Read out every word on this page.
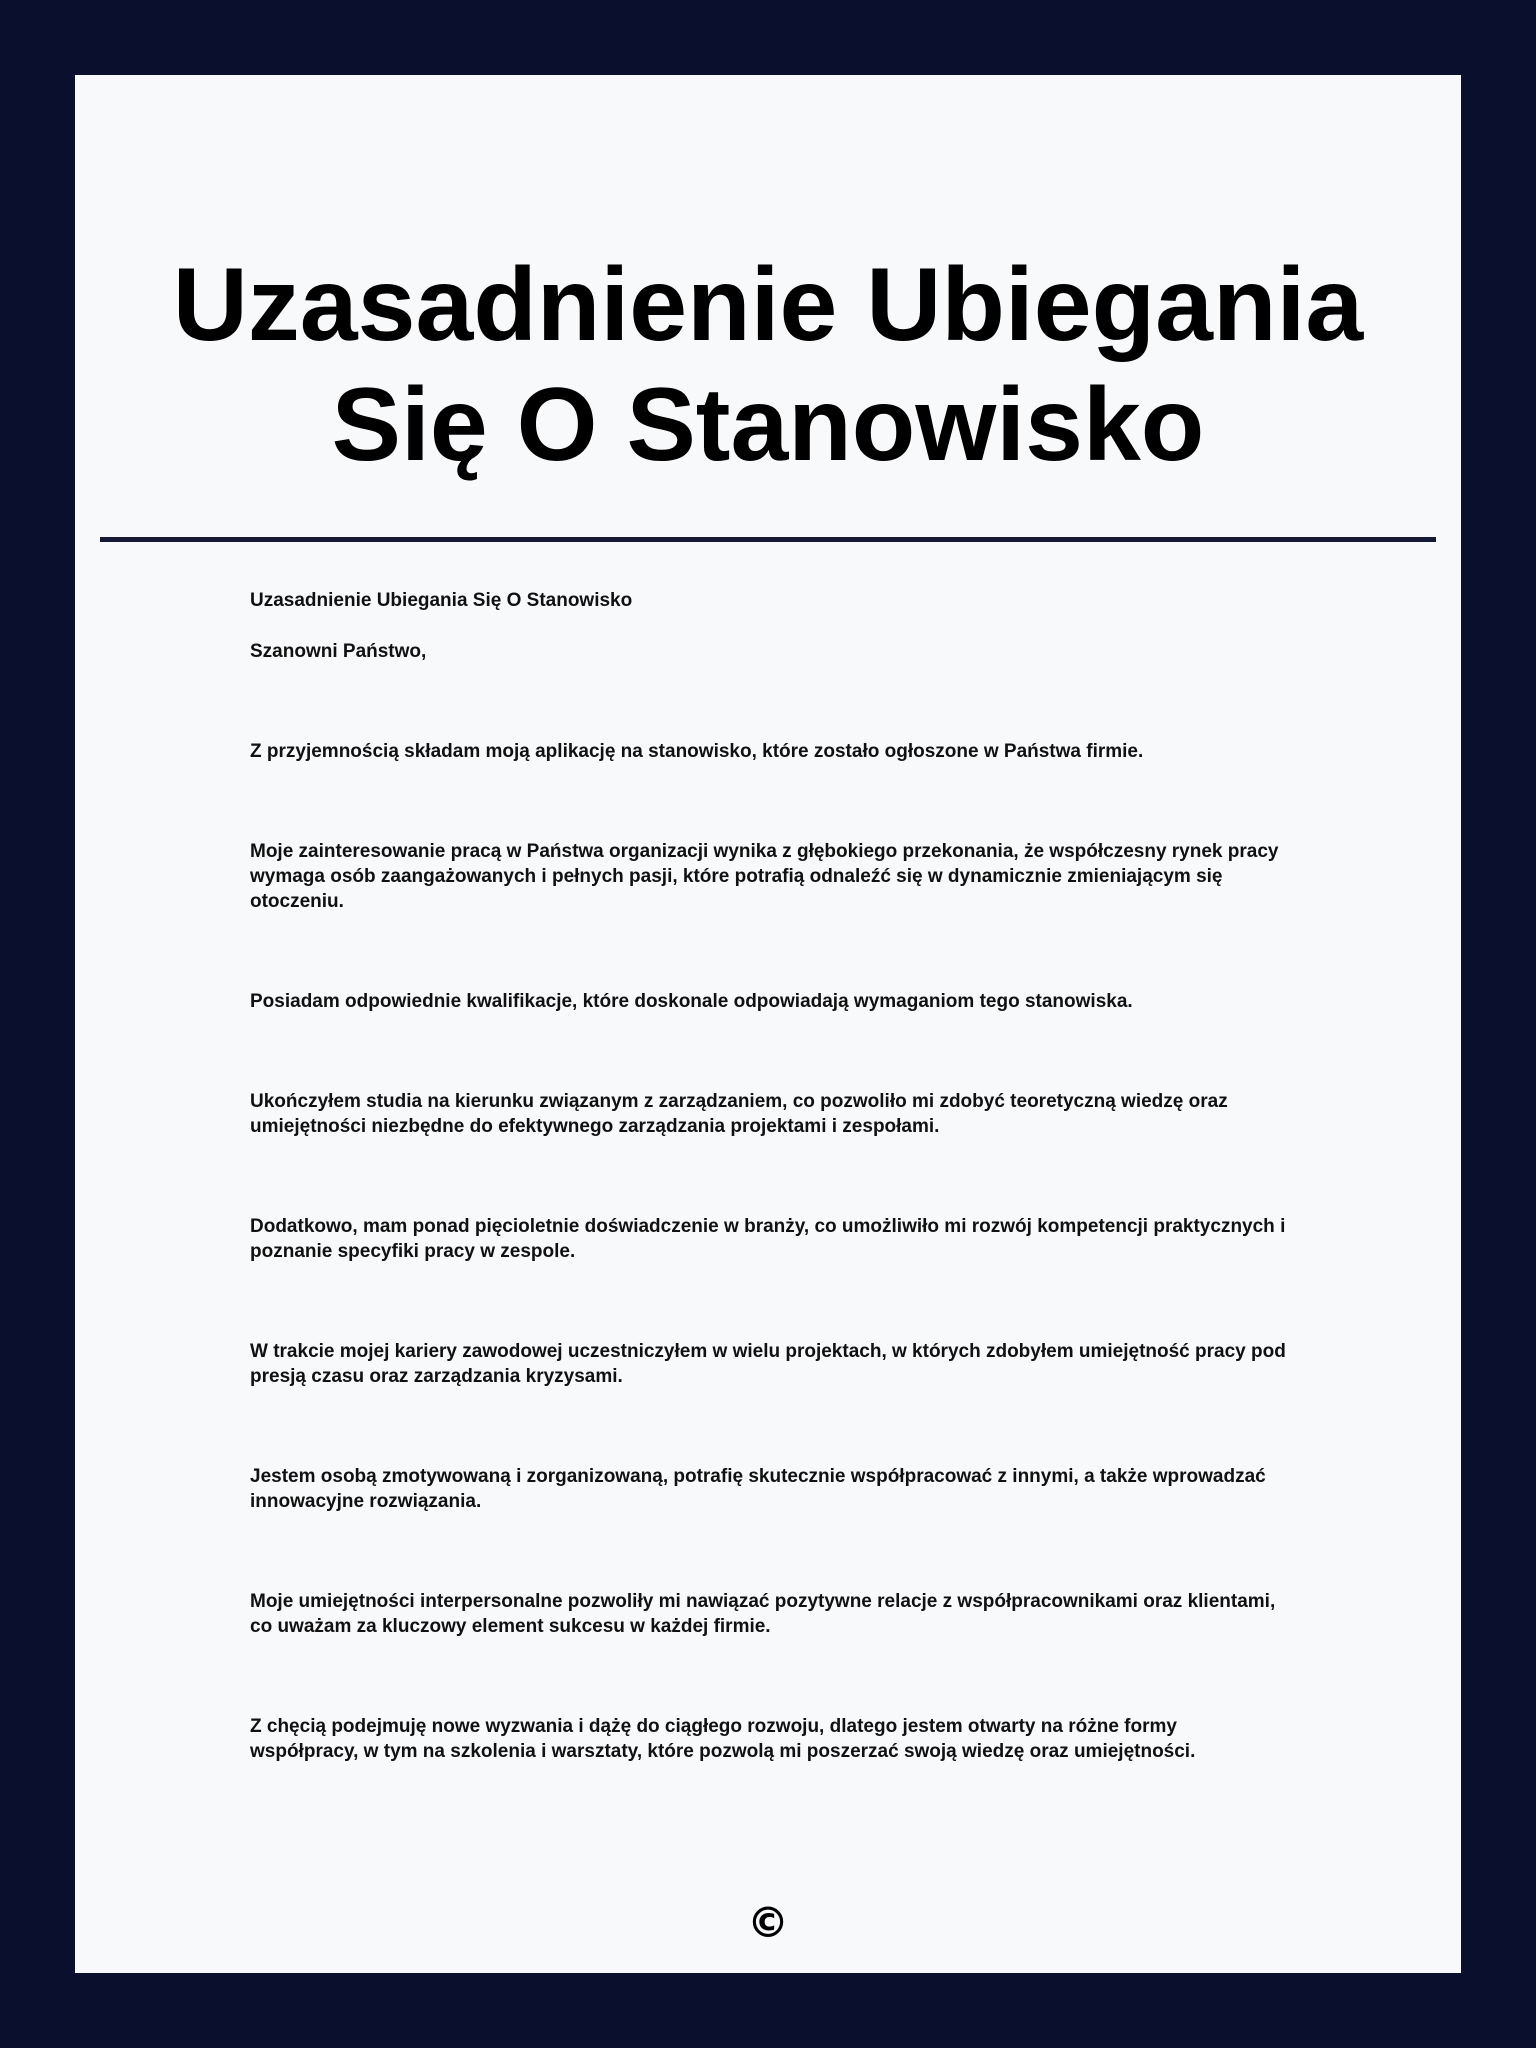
Uzasadnienie Ubiegania Się O Stanowisko

Uzasadnienie Ubiegania Się O Stanowisko

Szanowni Państwo,

Z przyjemnością składam moją aplikację na stanowisko, które zostało ogłoszone w Państwa firmie.

Moje zainteresowanie pracą w Państwa organizacji wynika z głębokiego przekonania, że ​​współczesny rynek pracy wymaga osób zaangażowanych i pełnych pasji, które potrafią odnaleźć się w dynamicznie zmieniającym się otoczeniu.

Posiadam odpowiednie kwalifikacje, które doskonale odpowiadają wymaganiom tego stanowiska.

Ukończyłem studia na kierunku związanym z zarządzaniem, co pozwoliło mi zdobyć teoretyczną wiedzę oraz umiejętności niezbędne do efektywnego zarządzania projektami i zespołami.

Dodatkowo, mam ponad pięcioletnie doświadczenie w branży, co umożliwiło mi rozwój kompetencji praktycznych i poznanie specyfiki pracy w zespole.

W trakcie mojej kariery zawodowej uczestniczyłem w wielu projektach, w których zdobyłem umiejętność pracy pod presją czasu oraz zarządzania kryzysami.

Jestem osobą zmotywowaną i zorganizowaną, potrafię skutecznie współpracować z innymi, a także wprowadzać innowacyjne rozwiązania.

Moje umiejętności interpersonalne pozwoliły mi nawiązać pozytywne relacje z współpracownikami oraz klientami, co uważam za kluczowy element sukcesu w każdej firmie.

Z chęcią podejmuję nowe wyzwania i dążę do ciągłego rozwoju, dlatego jestem otwarty na różne formy współpracy, w tym na szkolenia i warsztaty, które pozwolą mi poszerzać swoją wiedzę oraz umiejętności.

©
